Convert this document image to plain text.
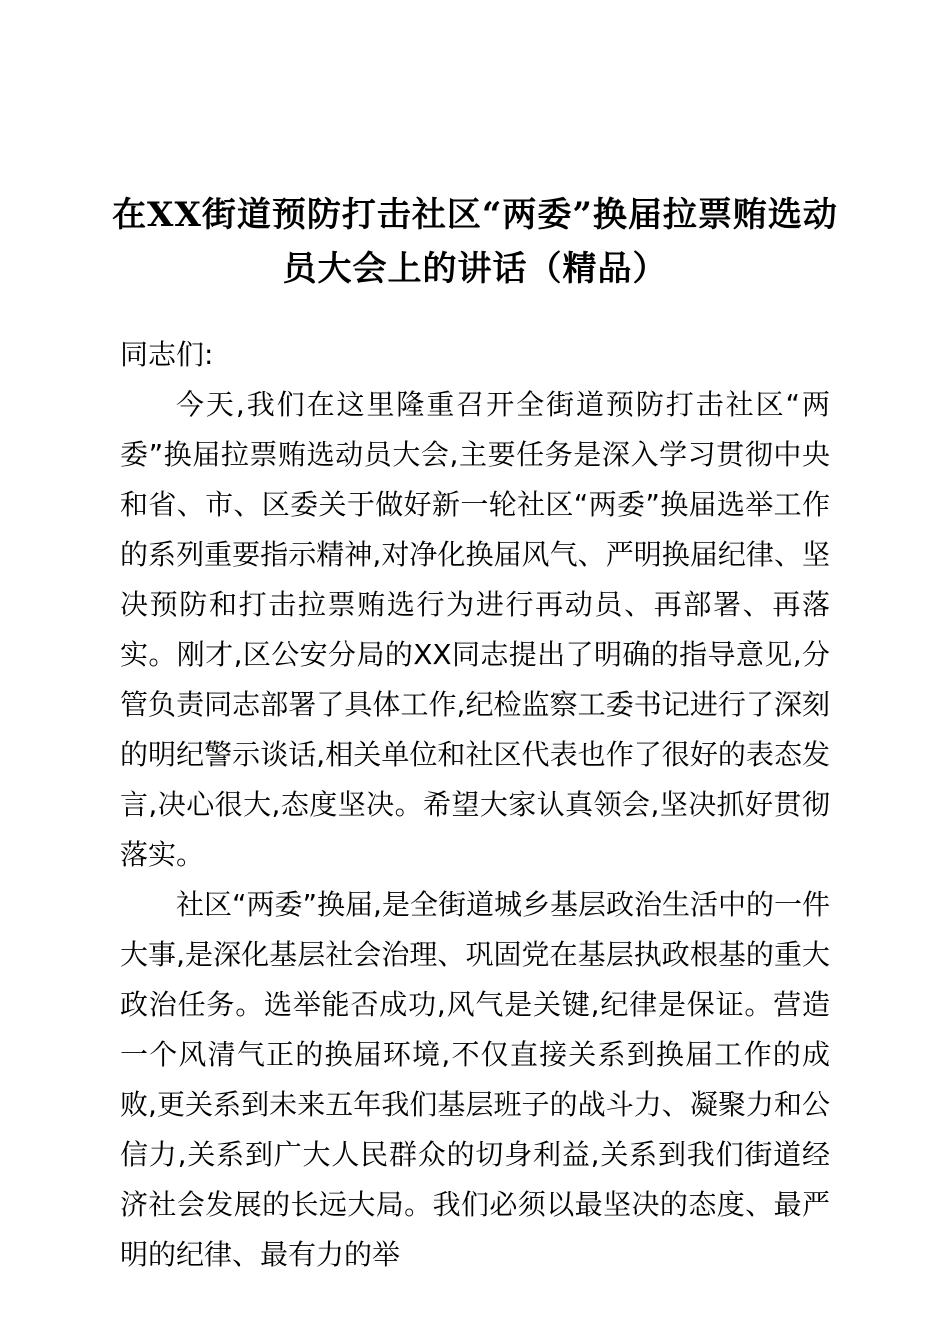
在XX街道预防打击社区“两委”换届拉票贿选动员大会上的讲话（精品）

同志们:

今天,我们在这里隆重召开全街道预防打击社区“两委”换届拉票贿选动员大会,主要任务是深入学习贯彻中央和省、市、区委关于做好新一轮社区“两委”换届选举工作的系列重要指示精神,对净化换届风气、严明换届纪律、坚决预防和打击拉票贿选行为进行再动员、再部署、再落实。刚才,区公安分局的XX同志提出了明确的指导意见,分管负责同志部署了具体工作,纪检监察工委书记进行了深刻的明纪警示谈话,相关单位和社区代表也作了很好的表态发言,决心很大,态度坚决。希望大家认真领会,坚决抓好贯彻落实。

社区“两委”换届,是全街道城乡基层政治生活中的一件大事,是深化基层社会治理、巩固党在基层执政根基的重大政治任务。选举能否成功,风气是关键,纪律是保证。营造一个风清气正的换届环境,不仅直接关系到换届工作的成败,更关系到未来五年我们基层班子的战斗力、凝聚力和公信力,关系到广大人民群众的切身利益,关系到我们街道经济社会发展的长远大局。我们必须以最坚决的态度、最严明的纪律、最有力的举
